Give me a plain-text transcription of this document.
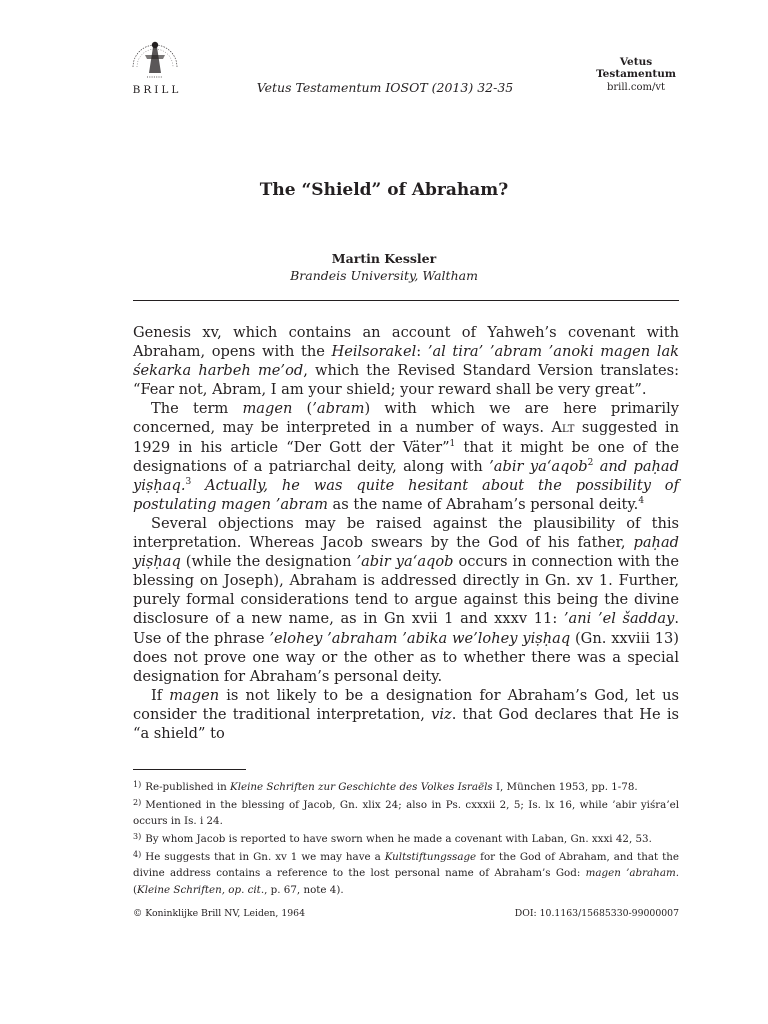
BRILL	Vetus Testamentum IOSOT (2013) 32-35
Vetus Testamentum
brill.com/vt
The “Shield” of Abraham?
Martin Kessler
Brandeis University, Waltham

Genesis xv, which contains an account of Yahweh’s covenant with Abraham, opens with the Heilsorakel: ’al tira’ ’abram ’anoki magen lak śekarka harbeh me’od, which the Revised Standard Version translates: “Fear not, Abram, I am your shield; your reward shall be very great”.

The term magen (’abram) with which we are here primarily concerned, may be interpreted in a number of ways. Alt suggested in 1929 in his article “Der Gott der Väter”$^1$ that it might be one of the designations of a patriarchal deity, along with ’abir ya‘aqob$^2$ and paḥad yiṣḥaq.$^3$ Actually, he was quite hesitant about the possibility of postulating magen ’abram as the name of Abraham’s personal deity.$^4$

Several objections may be raised against the plausibility of this interpretation. Whereas Jacob swears by the God of his father, paḥad yiṣḥaq (while the designation ’abir ya‘aqob occurs in connection with the blessing on Joseph), Abraham is addressed directly in Gn. xv 1. Further, purely formal considerations tend to argue against this being the divine disclosure of a new name, as in Gn xvii 1 and xxxv 11: ’ani ’el šadday. Use of the phrase ’elohey ’abraham ’abika we’lohey yiṣḥaq (Gn. xxviii 13) does not prove one way or the other as to whether there was a special designation for Abraham’s personal deity.

If magen is not likely to be a designation for Abraham’s God, let us consider the traditional interpretation, viz. that God declares that He is “a shield” to

$^{1)}$ Re-published in Kleine Schriften zur Geschichte des Volkes Israëls I, München 1953, pp. 1-78.

$^{2)}$ Mentioned in the blessing of Jacob, Gn. xlix 24; also in Ps. cxxxii 2, 5; Is. lx 16, while ’abir yiśra’el occurs in Is. i 24.

$^{3)}$ By whom Jacob is reported to have sworn when he made a covenant with Laban, Gn. xxxi 42, 53.

$^{4)}$ He suggests that in Gn. xv 1 we may have a Kultstiftungssage for the God of Abraham, and that the divine address contains a reference to the lost personal name of Abraham’s God: magen ’abraham. (Kleine Schriften, op. cit., p. 67, note 4).

© Koninklijke Brill NV, Leiden, 1964	DOI: 10.1163/15685330-99000007
